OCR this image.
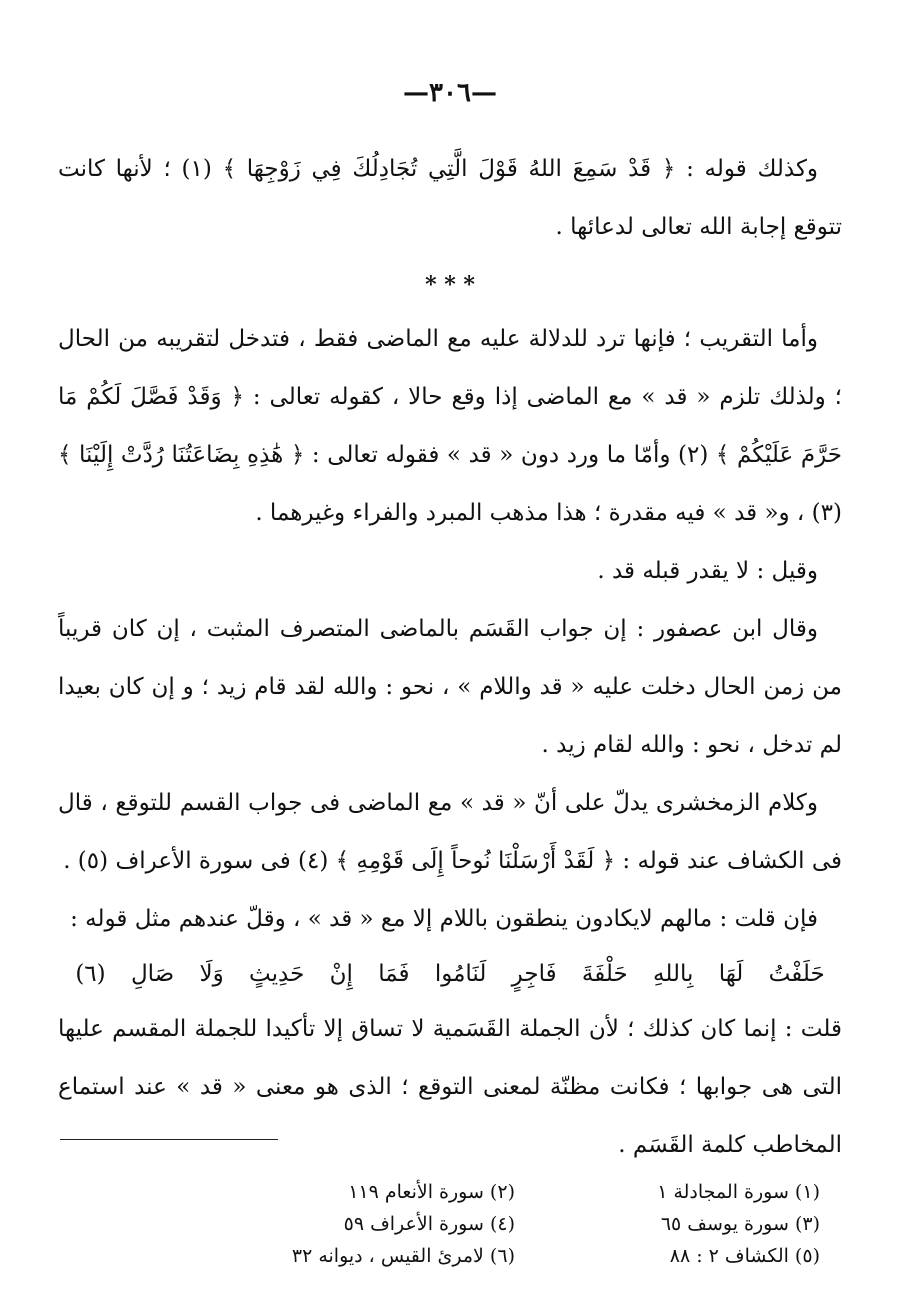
—٣٠٦—

وكذلك قوله : ﴿ قَدْ سَمِعَ اللهُ قَوْلَ الَّتِي تُجَادِلُكَ فِي زَوْجِهَا ﴾ (١) ؛ لأنها كانت تتوقع إجابة الله تعالى لدعائها .

* * *

وأما التقريب ؛ فإنها ترد للدلالة عليه مع الماضى فقط ، فتدخل لتقريبه من الحال ؛ ولذلك تلزم « قد » مع الماضى إذا وقع حالا ، كقوله تعالى : ﴿ وَقَدْ فَصَّلَ لَكُمْ مَا حَرَّمَ عَلَيْكُمْ ﴾ (٢) وأمّا ما ورد دون « قد » فقوله تعالى : ﴿ هَٰذِهِ بِضَاعَتُنَا رُدَّتْ إِلَيْنَا ﴾ (٣) ، و« قد » فيه مقدرة ؛ هذا مذهب المبرد والفراء وغيرهما .

وقيل : لا يقدر قبله قد .

وقال ابن عصفور : إن جواب القَسَم بالماضى المتصرف المثبت ، إن كان قريباً من زمن الحال دخلت عليه « قد واللام » ، نحو : والله لقد قام زيد ؛ و إن كان بعيدا لم تدخل ، نحو : والله لقام زيد .

وكلام الزمخشرى يدلّ على أنّ « قد » مع الماضى فى جواب القسم للتوقع ، قال فى الكشاف عند قوله : ﴿ لَقَدْ أَرْسَلْنَا نُوحاً إِلَى قَوْمِهِ ﴾ (٤) فى سورة الأعراف (٥) .

فإن قلت : مالهم لايكادون ينطقون باللام إلا مع « قد » ، وقلّ عندهم مثل قوله :

حَلَفْتُ لَهَا بِاللهِ حَلْفَةَ فَاجِرٍ لَنَامُوا فَمَا إِنْ حَدِيثٍ وَلَا صَالِ (٦)

قلت : إنما كان كذلك ؛ لأن الجملة القَسَمية لا تساق إلا تأكيدا للجملة المقسم عليها التى هى جوابها ؛ فكانت مظنّة لمعنى التوقع ؛ الذى هو معنى « قد » عند استماع المخاطب كلمة القَسَم .

(١) سورة المجادلة ١
(٢) سورة الأنعام ١١٩
(٣) سورة يوسف ٦٥
(٤) سورة الأعراف ٥٩
(٥) الكشاف ٢ : ٨٨
(٦) لامرئ القيس ، ديوانه ٣٢
